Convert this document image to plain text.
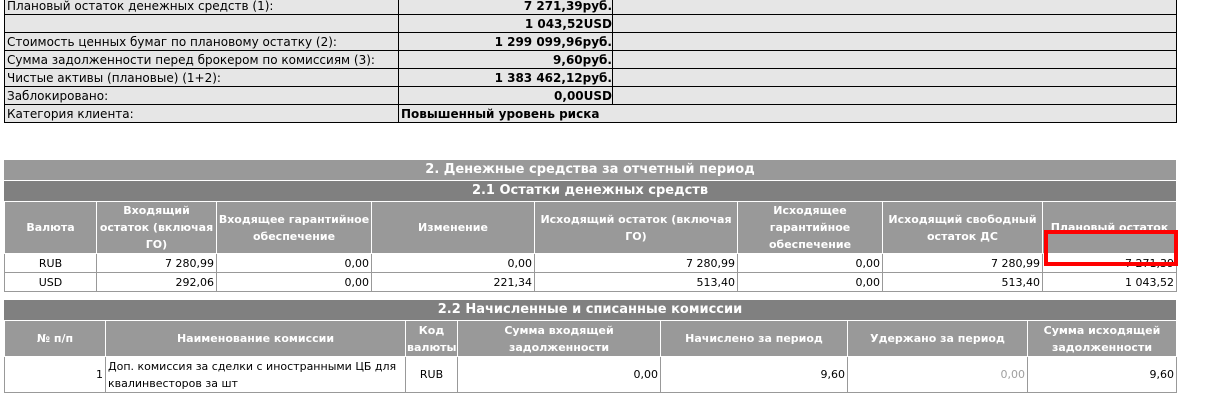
Плановый остаток денежных средств (1):	7 271,39руб.	
	1 043,52USD	
Стоимость ценных бумаг по плановому остатку (2):	1 299 099,96руб.	
Сумма задолженности перед брокером по комиссиям (3):	9,60руб.	
Чистые активы (плановые) (1+2):	1 383 462,12руб.	
Заблокировано:	0,00USD	
Категория клиента:	Повышенный уровень риска	
2. Денежные средства за отчетный период
2.1 Остатки денежных средств
Валюта	Входящий остаток (включая ГО)	Входящее гарантийное обеспечение	Изменение	Исходящий остаток (включая ГО)	Исходящее гарантийное обеспечение	Исходящий свободный остаток ДС	Плановый остаток
RUB	7 280,99	0,00	0,00	7 280,99	0,00	7 280,99	7 271,39
USD	292,06	0,00	221,34	513,40	0,00	513,40	1 043,52
2.2 Начисленные и списанные комиссии
№ п/п	Наименование комиссии	Код валюты	Сумма входящей задолженности	Начислено за период	Удержано за период	Сумма исходящей задолженности
1	Доп. комиссия за сделки с иностранными ЦБ для квалинвесторов за шт	RUB	0,00	9,60	0,00	9,60
